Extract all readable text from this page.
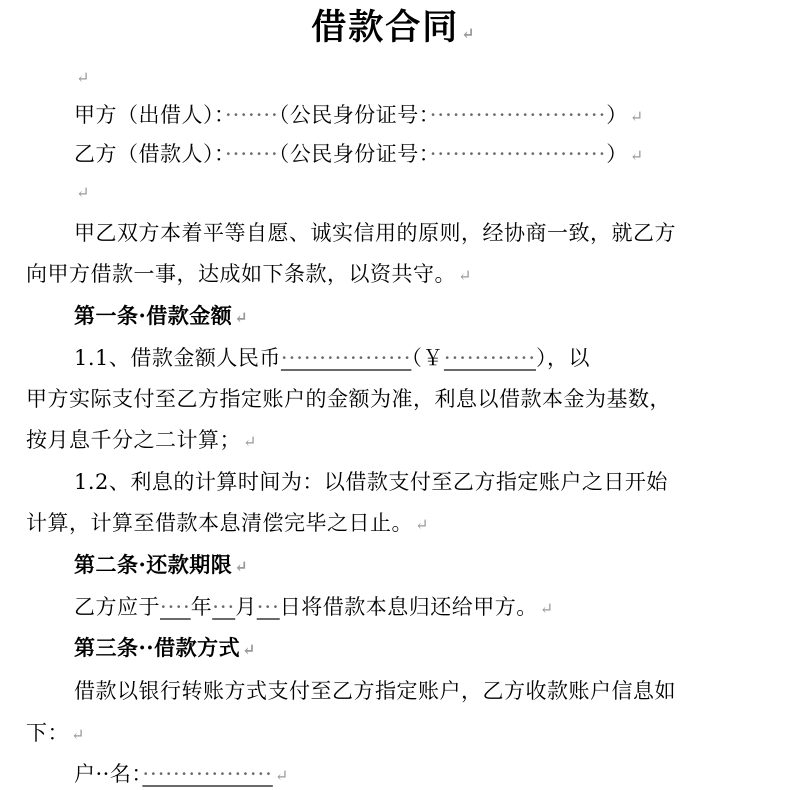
借款合同 ↵
↵
甲方（出借人）：·······（公民身份证号：·······················） ↵
乙方（借款人）：·······（公民身份证号：·······················） ↵
↵
甲乙双方本着平等自愿、诚实信用的原则，经协商一致，就乙方
向甲方借款一事，达成如下条款，以资共守。 ↵
第一条·借款金额 ↵
1.1、借款金额人民币·················（￥············），以
甲方实际支付至乙方指定账户的金额为准，利息以借款本金为基数，
按月息千分之二计算； ↵
1.2、利息的计算时间为：以借款支付至乙方指定账户之日开始
计算，计算至借款本息清偿完毕之日止。 ↵
第二条·还款期限 ↵
乙方应于····年···月···日将借款本息归还给甲方。 ↵
第三条··借款方式 ↵
借款以银行转账方式支付至乙方指定账户，乙方收款账户信息如
下： ↵
户··名：················· ↵
